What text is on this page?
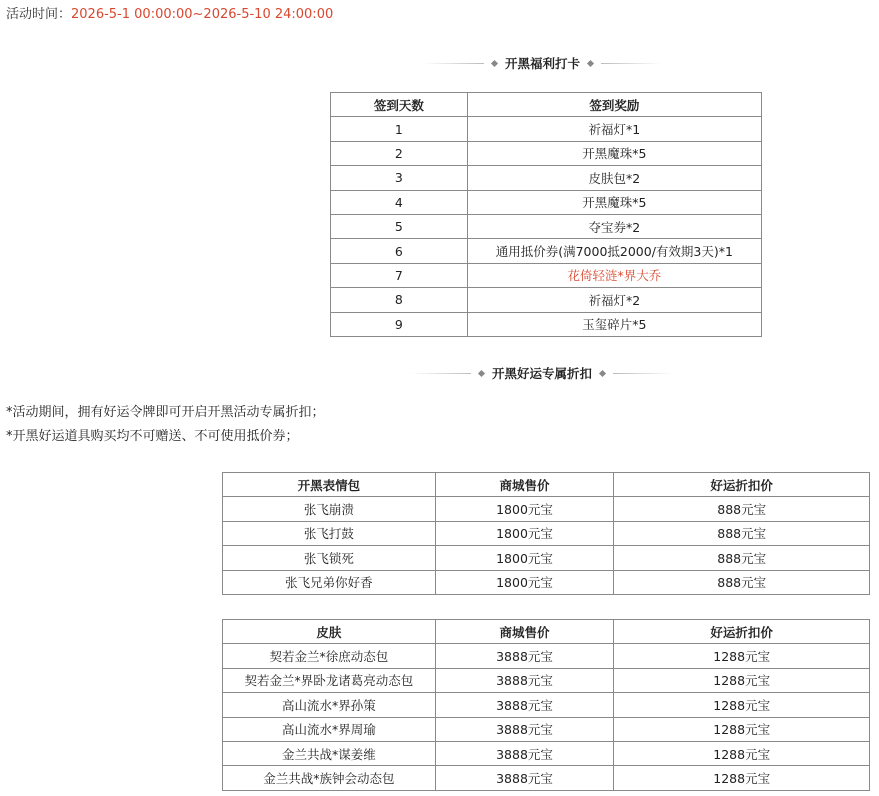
活动时间：2026-5-1 00:00:00~2026-5-10 24:00:00
开黑福利打卡
签到天数	签到奖励
1	祈福灯*1
2	开黑魔珠*5
3	皮肤包*2
4	开黑魔珠*5
5	夺宝券*2
6	通用抵价券(满7000抵2000/有效期3天)*1
7	花倚轻涟*界大乔
8	祈福灯*2
9	玉玺碎片*5
开黑好运专属折扣
*活动期间，拥有好运令牌即可开启开黑活动专属折扣；
*开黑好运道具购买均不可赠送、不可使用抵价券；
开黑表情包	商城售价	好运折扣价
张飞崩溃	1800元宝	888元宝
张飞打鼓	1800元宝	888元宝
张飞锁死	1800元宝	888元宝
张飞兄弟你好香	1800元宝	888元宝
皮肤	商城售价	好运折扣价
契若金兰*徐庶动态包	3888元宝	1288元宝
契若金兰*界卧龙诸葛亮动态包	3888元宝	1288元宝
高山流水*界孙策	3888元宝	1288元宝
高山流水*界周瑜	3888元宝	1288元宝
金兰共战*谋姜维	3888元宝	1288元宝
金兰共战*族钟会动态包	3888元宝	1288元宝
